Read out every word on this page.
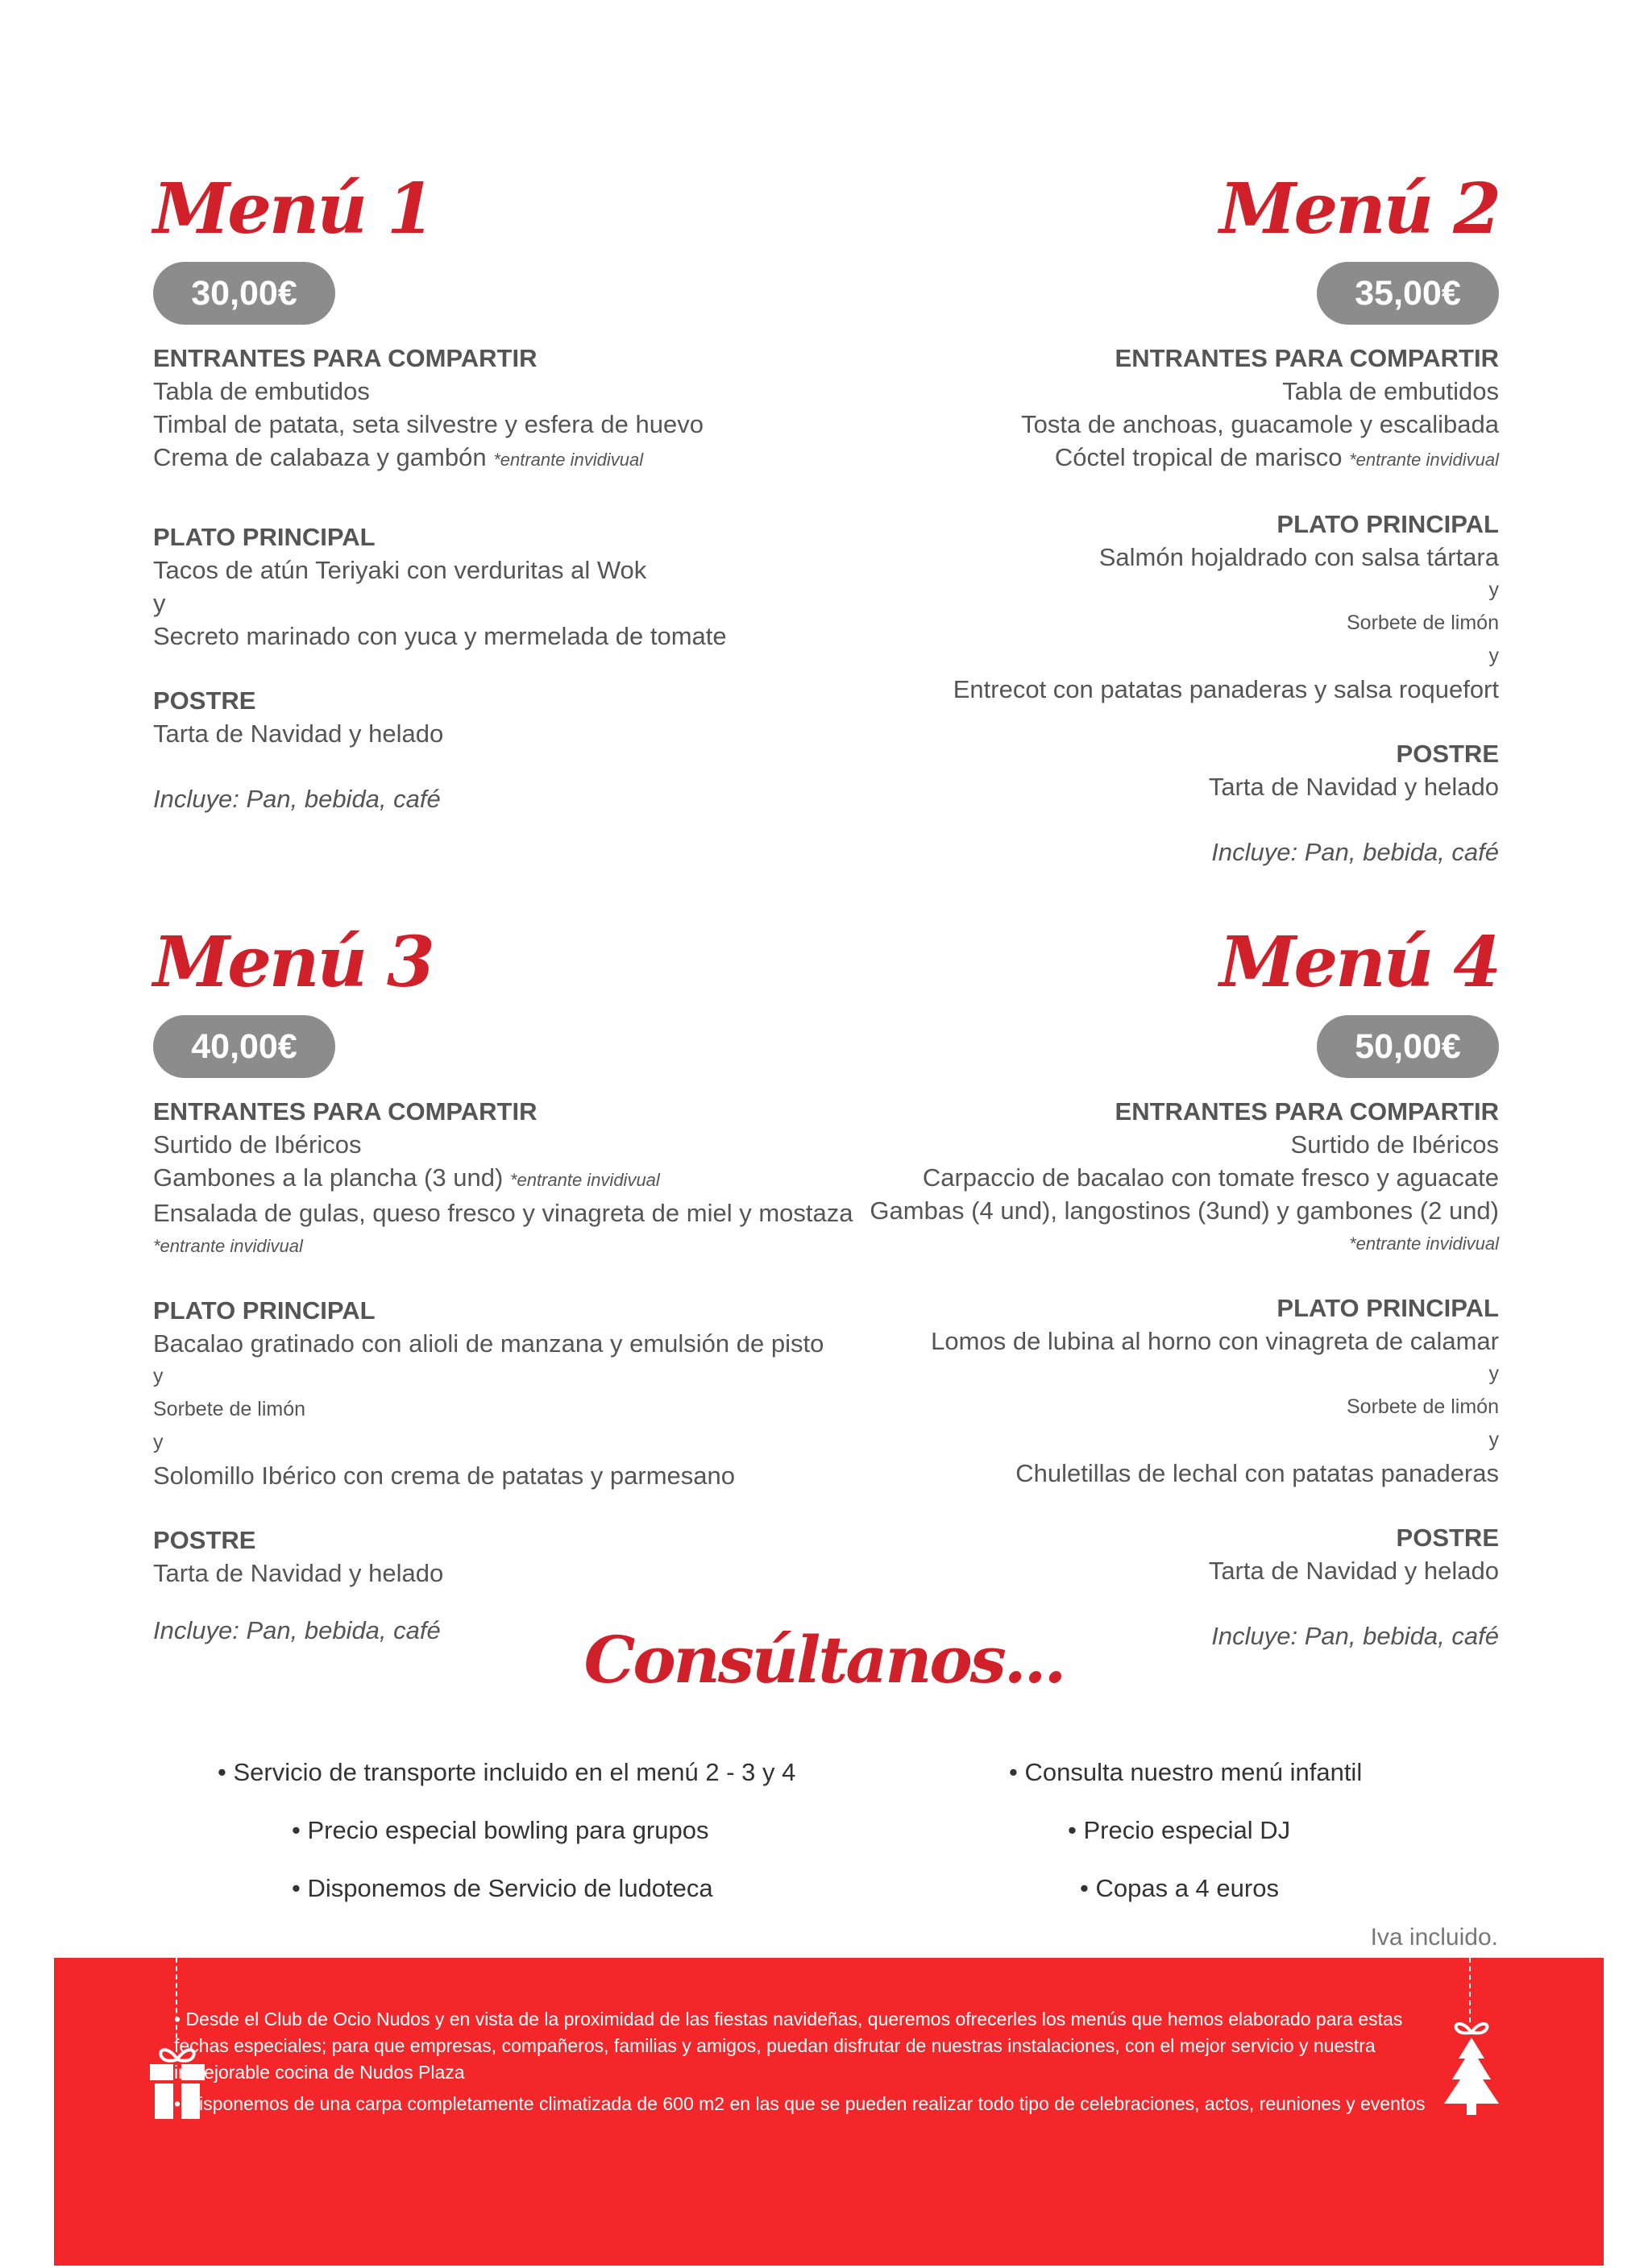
Menú 1
30,00€
ENTRANTES PARA COMPARTIR
Tabla de embutidos
Timbal de patata, seta silvestre y esfera de huevo
Crema de calabaza y gambón *entrante invidivual
PLATO PRINCIPAL
Tacos de atún Teriyaki con verduritas al Wok
y
Secreto marinado con yuca y mermelada de tomate
POSTRE
Tarta de Navidad y helado
Incluye: Pan, bebida, café
Menú 2
35,00€
ENTRANTES PARA COMPARTIR
Tabla de embutidos
Tosta de anchoas, guacamole y escalibada
Cóctel tropical de marisco *entrante invidivual
PLATO PRINCIPAL
Salmón hojaldrado con salsa tártara
y
Sorbete de limón
y
Entrecot con patatas panaderas y salsa roquefort
POSTRE
Tarta de Navidad y helado
Incluye: Pan, bebida, café
Menú 3
40,00€
ENTRANTES PARA COMPARTIR
Surtido de Ibéricos
Gambones a la plancha (3 und) *entrante invidivual
Ensalada de gulas, queso fresco y vinagreta de miel y mostaza
*entrante invidivual
PLATO PRINCIPAL
Bacalao gratinado con alioli de manzana y emulsión de pisto
y
Sorbete de limón
y
Solomillo Ibérico con crema de patatas y parmesano
POSTRE
Tarta de Navidad y helado
Incluye: Pan, bebida, café
Menú 4
50,00€
ENTRANTES PARA COMPARTIR
Surtido de Ibéricos
Carpaccio de bacalao con tomate fresco y aguacate
Gambas (4 und), langostinos (3und) y gambones (2 und)
*entrante invidivual
PLATO PRINCIPAL
Lomos de lubina al horno con vinagreta de calamar
y
Sorbete de limón
y
Chuletillas de lechal con patatas panaderas
POSTRE
Tarta de Navidad y helado
Incluye: Pan, bebida, café
Consúltanos...
• Servicio de transporte incluido en el menú 2 - 3 y 4
• Precio especial bowling para grupos
• Disponemos de Servicio de ludoteca
• Consulta nuestro menú infantil
• Precio especial DJ
• Copas a 4 euros
Iva incluido.

• Desde el Club de Ocio Nudos y en vista de la proximidad de las fiestas navideñas, queremos ofrecerles los menús que hemos elaborado para estas fechas especiales; para que empresas, compañeros, familias y amigos, puedan disfrutar de nuestras instalaciones, con el mejor servicio y nuestra inmejorable cocina de Nudos Plaza

• Disponemos de una carpa completamente climatizada de 600 m2 en las que se pueden realizar todo tipo de celebraciones, actos, reuniones y eventos
